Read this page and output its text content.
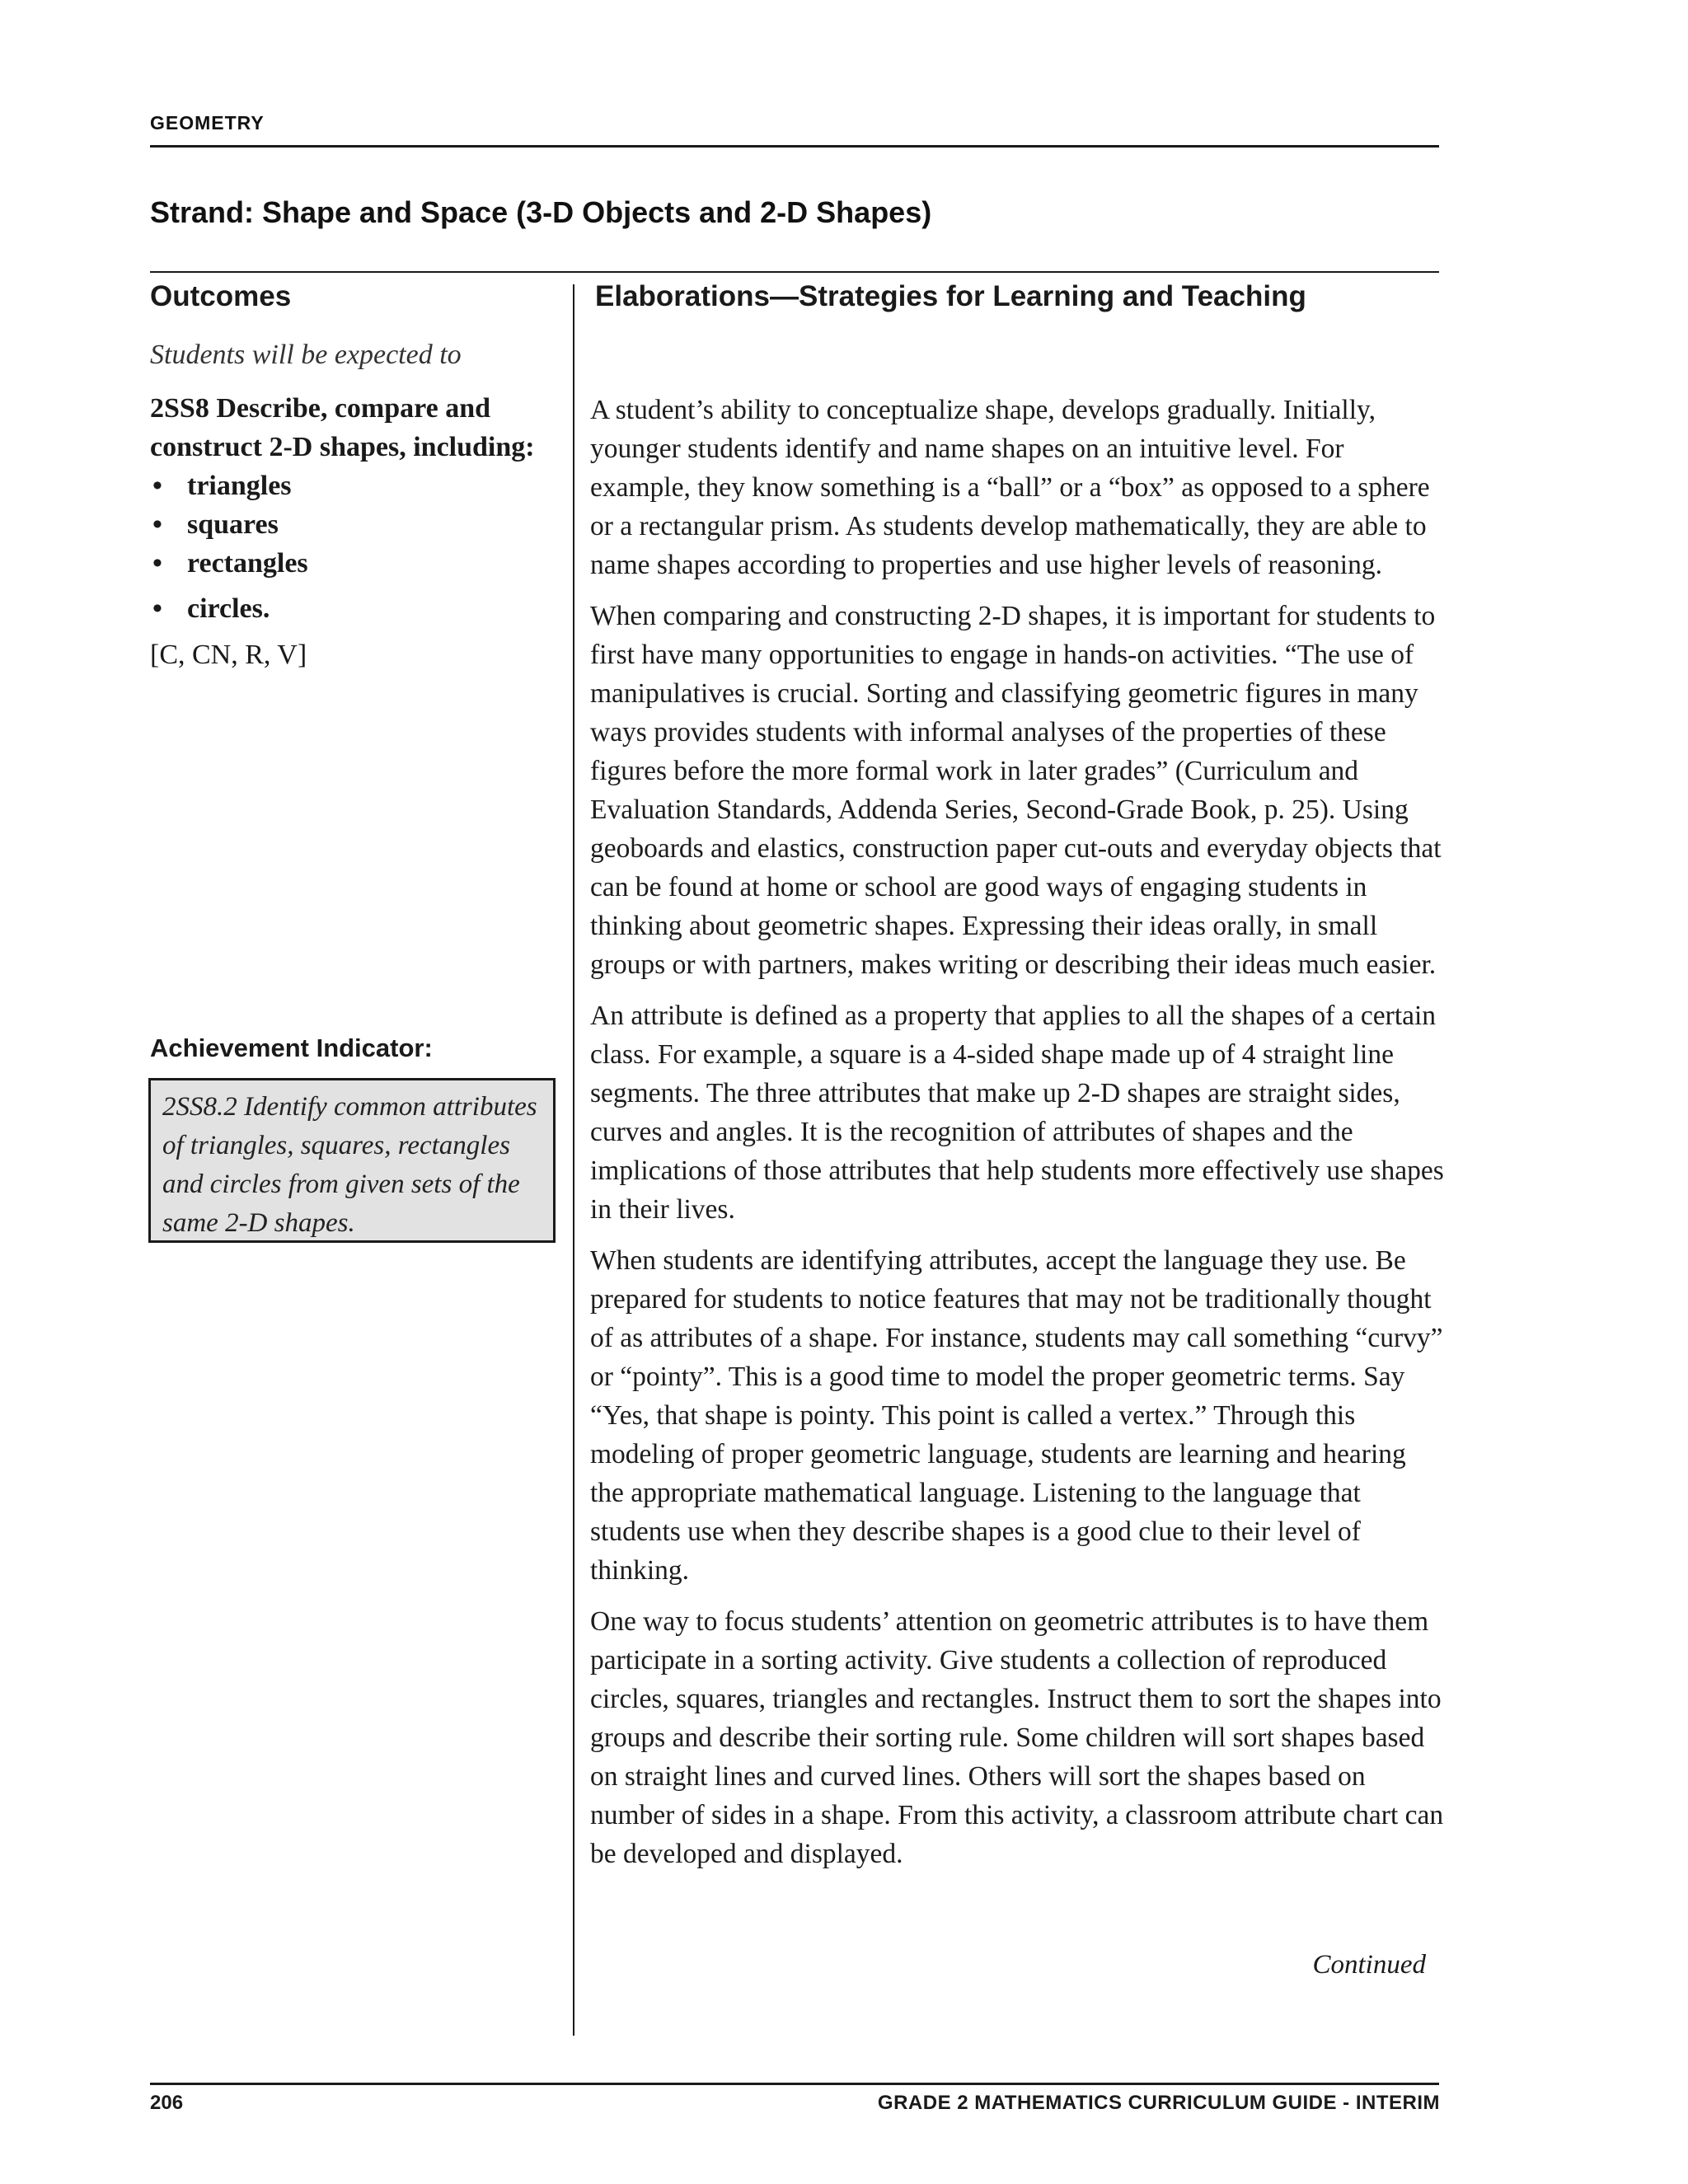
GEOMETRY
Strand: Shape and Space (3-D Objects and 2-D Shapes)
Outcomes	Elaborations—Strategies for Learning and Teaching
Students will be expected to
2SS8 Describe, compare and construct 2-D shapes, including:
• triangles
• squares
• rectangles
• circles.
[C, CN, R, V]
Achievement Indicator:
2SS8.2 Identify common attributes of triangles, squares, rectangles and circles from given sets of the same 2-D shapes.

A student’s ability to conceptualize shape, develops gradually. Initially, younger students identify and name shapes on an intuitive level. For example, they know something is a “ball” or a “box” as opposed to a sphere or a rectangular prism. As students develop mathematically, they are able to name shapes according to properties and use higher levels of reasoning.

When comparing and constructing 2-D shapes, it is important for students to first have many opportunities to engage in hands-on activities. “The use of manipulatives is crucial. Sorting and classifying geometric figures in many ways provides students with informal analyses of the properties of these figures before the more formal work in later grades” (Curriculum and Evaluation Standards, Addenda Series, Second-Grade Book, p. 25). Using geoboards and elastics, construction paper cut-outs and everyday objects that can be found at home or school are good ways of engaging students in thinking about geometric shapes. Expressing their ideas orally, in small groups or with partners, makes writing or describing their ideas much easier.

An attribute is defined as a property that applies to all the shapes of a certain class. For example, a square is a 4-sided shape made up of 4 straight line segments. The three attributes that make up 2-D shapes are straight sides, curves and angles. It is the recognition of attributes of shapes and the implications of those attributes that help students more effectively use shapes in their lives.

When students are identifying attributes, accept the language they use. Be prepared for students to notice features that may not be traditionally thought of as attributes of a shape. For instance, students may call something “curvy” or “pointy”. This is a good time to model the proper geometric terms. Say “Yes, that shape is pointy. This point is called a vertex.” Through this modeling of proper geometric language, students are learning and hearing the appropriate mathematical language. Listening to the language that students use when they describe shapes is a good clue to their level of thinking.

One way to focus students’ attention on geometric attributes is to have them participate in a sorting activity. Give students a collection of reproduced circles, squares, triangles and rectangles. Instruct them to sort the shapes into groups and describe their sorting rule. Some children will sort shapes based on straight lines and curved lines. Others will sort the shapes based on number of sides in a shape. From this activity, a classroom attribute chart can be developed and displayed.

Continued
206	GRADE 2 MATHEMATICS CURRICULUM GUIDE - INTERIM
